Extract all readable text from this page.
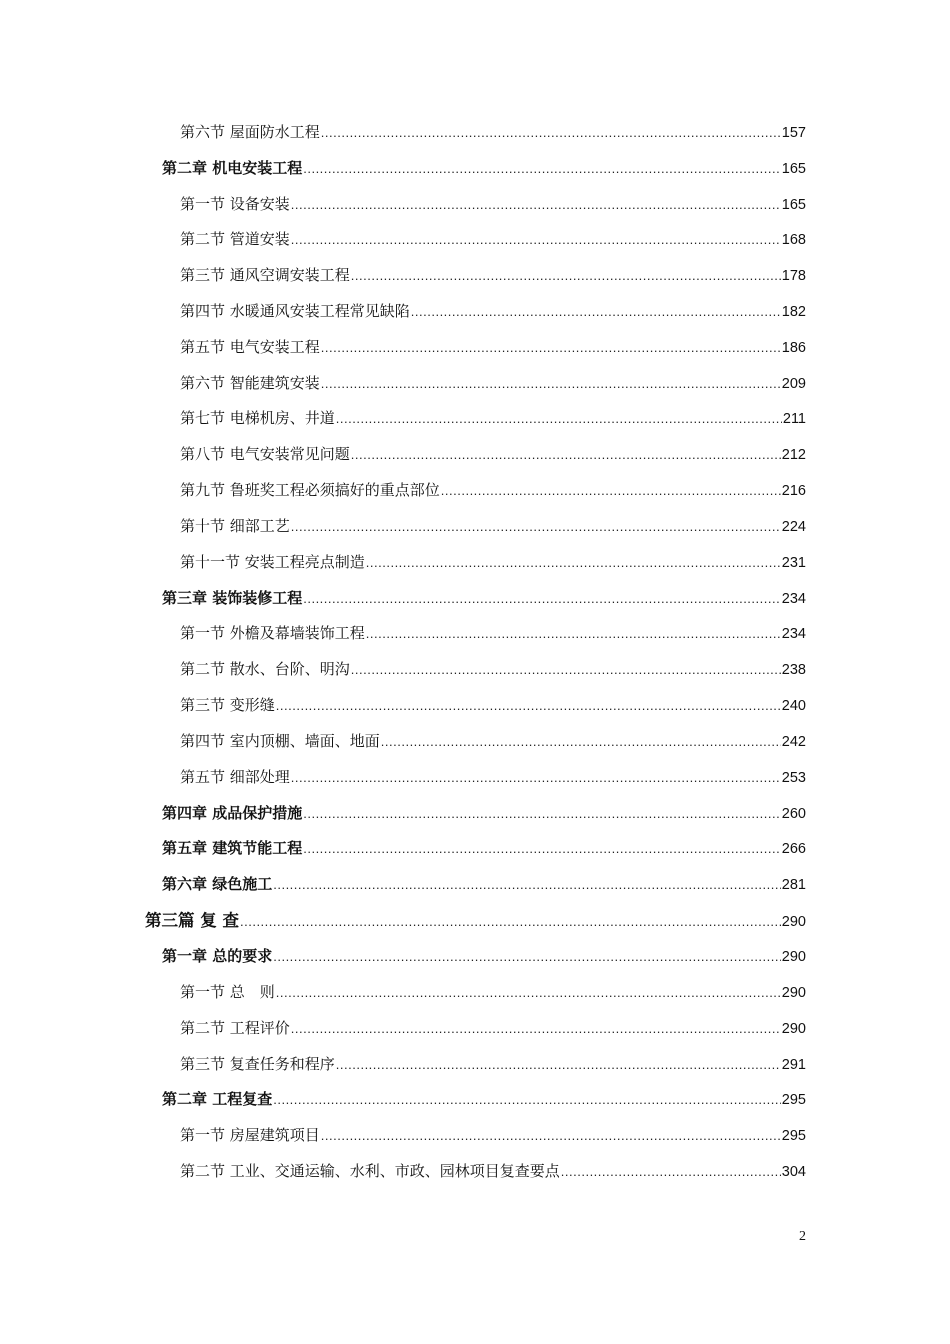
第六节 屋面防水工程 .....	157
第二章 机电安装工程 .....	165
第一节 设备安装 .....	165
第二节 管道安装 .....	168
第三节 通风空调安装工程 .....	178
第四节 水暖通风安装工程常见缺陷 .....	182
第五节 电气安装工程 .....	186
第六节 智能建筑安装 .....	209
第七节 电梯机房、井道 .....	211
第八节 电气安装常见问题 .....	212
第九节 鲁班奖工程必须搞好的重点部位 .....	216
第十节 细部工艺 .....	224
第十一节 安装工程亮点制造 .....	231
第三章 装饰装修工程 .....	234
第一节 外檐及幕墙装饰工程 .....	234
第二节 散水、台阶、明沟 .....	238
第三节 变形缝 .....	240
第四节 室内顶棚、墙面、地面 .....	242
第五节 细部处理 .....	253
第四章 成品保护措施 .....	260
第五章 建筑节能工程 .....	266
第六章 绿色施工 .....	281
第三篇 复 查 .....	290
第一章 总的要求 .....	290
第一节 总　则 .....	290
第二节 工程评价 .....	290
第三节 复查任务和程序 .....	291
第二章 工程复查 .....	295
第一节 房屋建筑项目 .....	295
第二节 工业、交通运输、水利、市政、园林项目复查要点 .....	304
2
